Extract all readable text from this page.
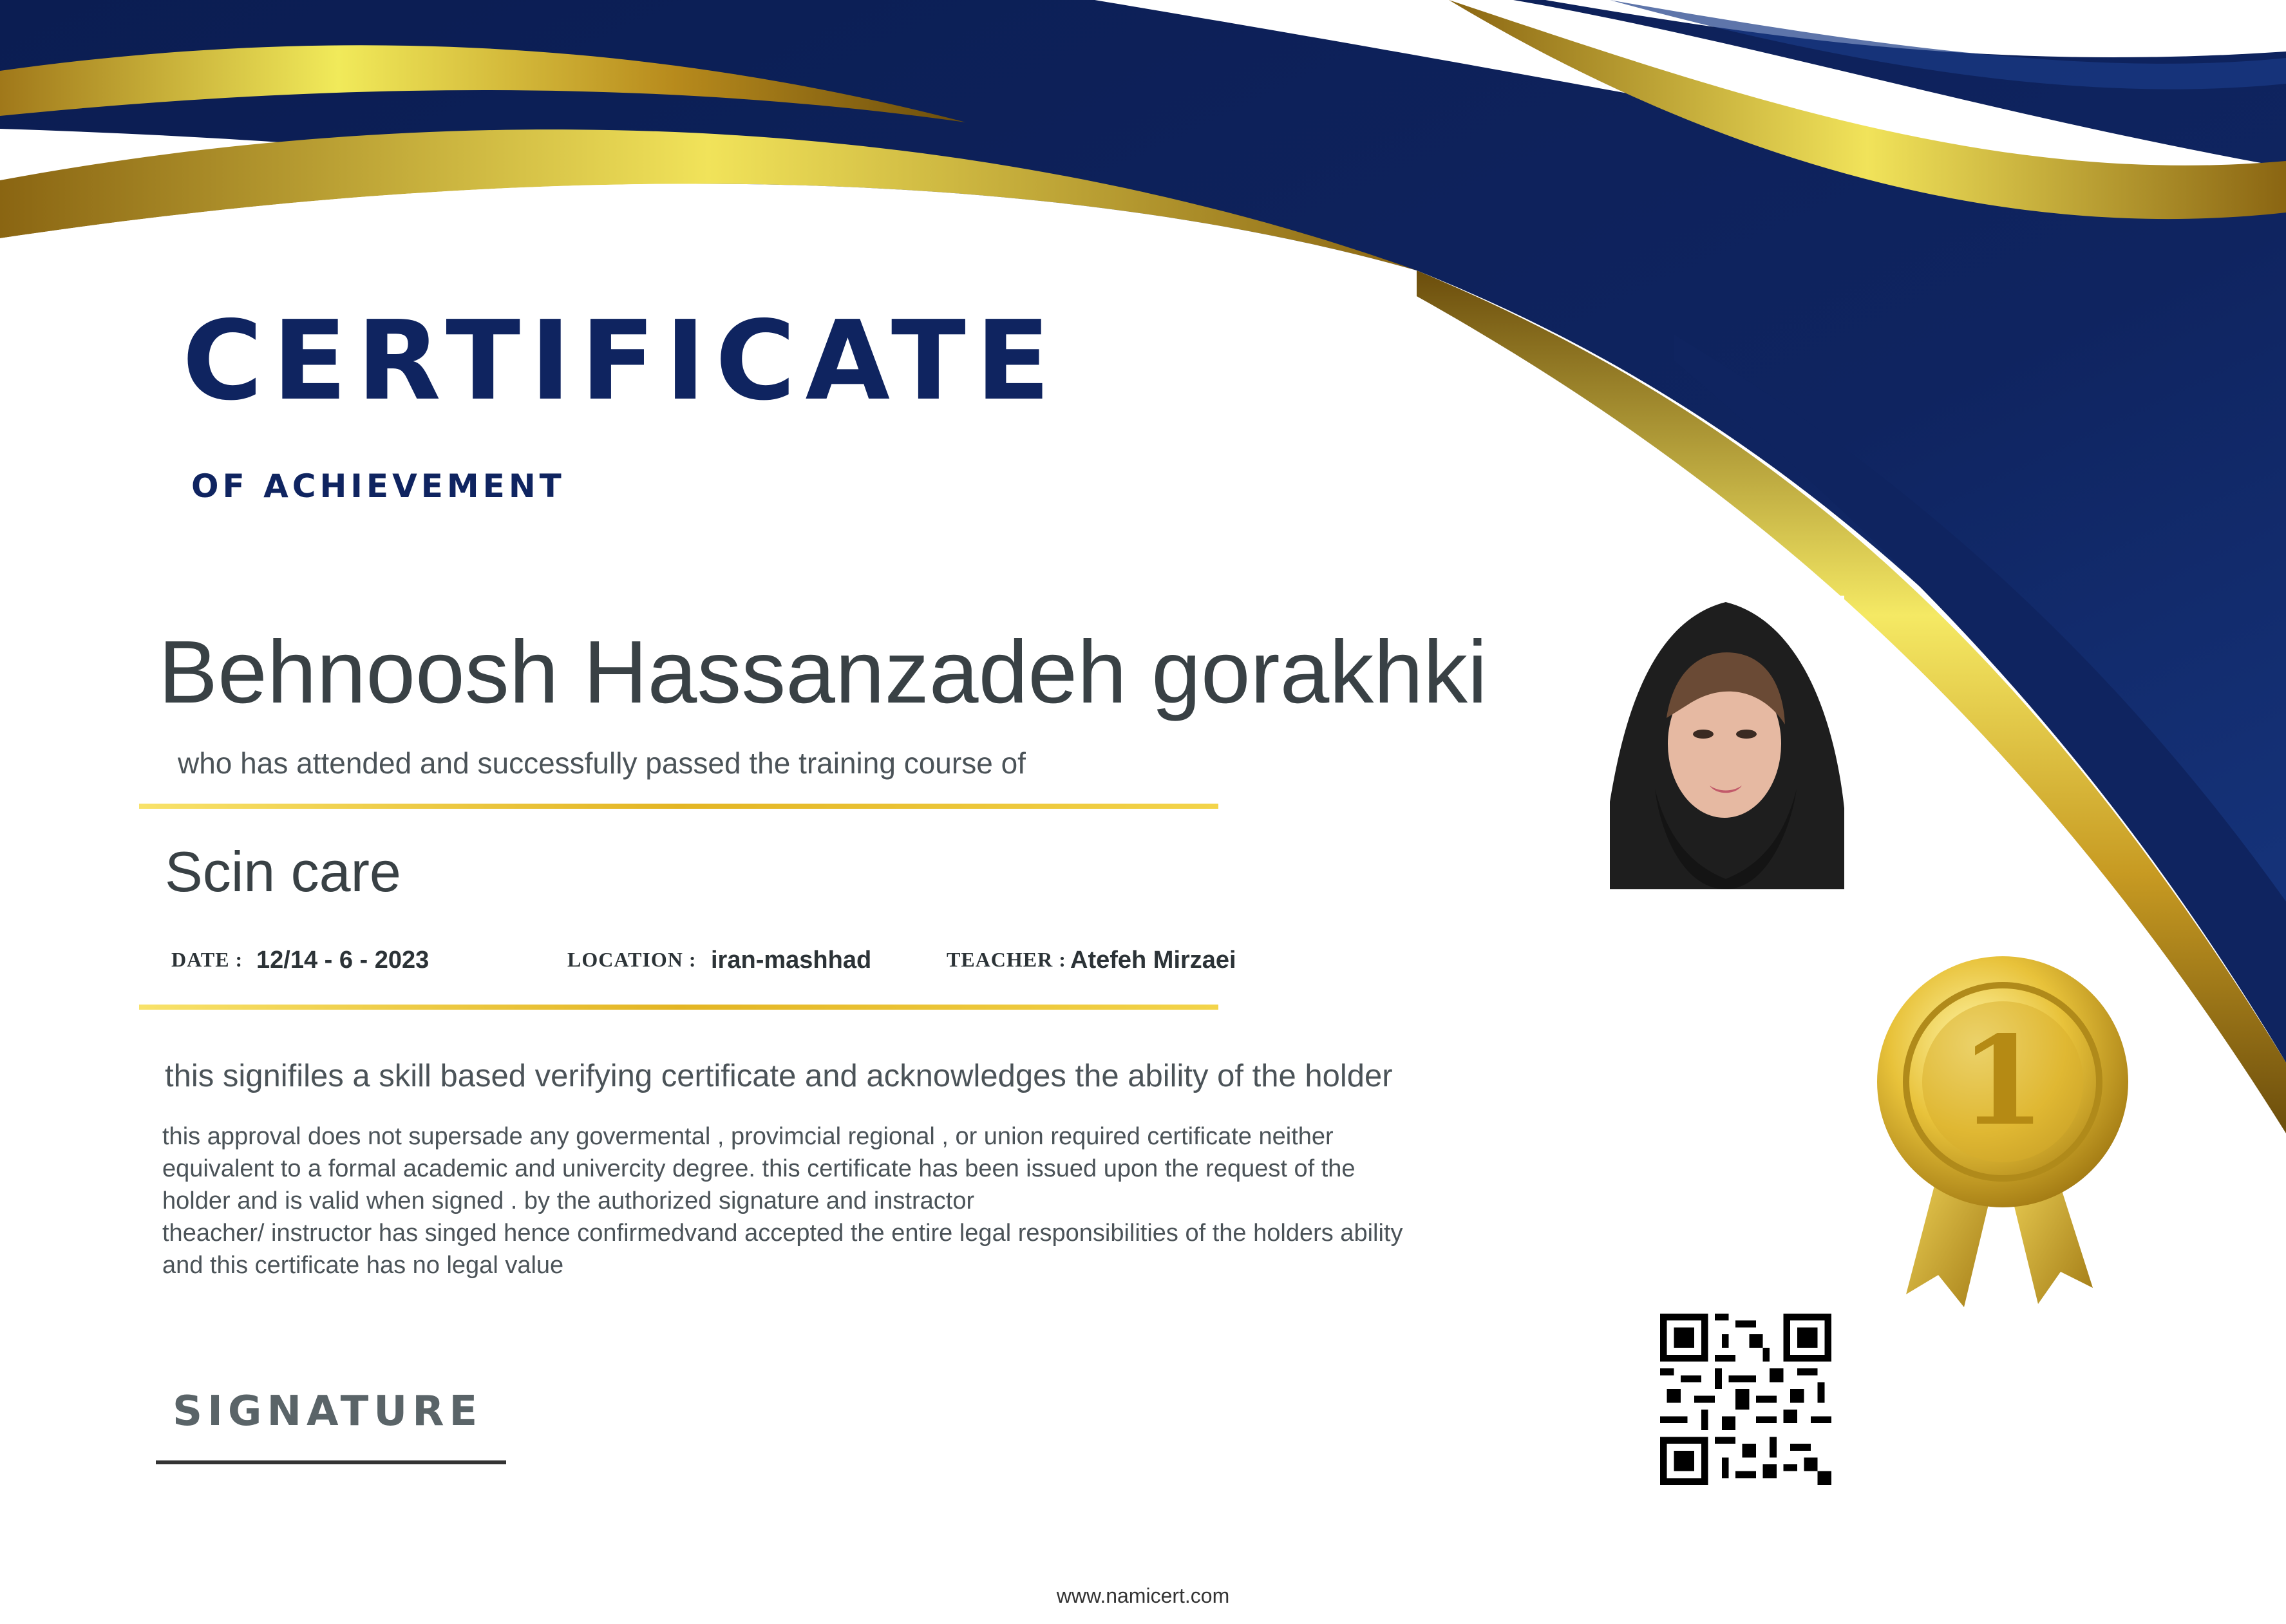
CERTIFICATE
OF ACHIEVEMENT
Behnoosh Hassanzadeh gorakhki
who has attended and successfully passed the training course of
Scin care
DATE : 12/14 - 6 - 2023	LOCATION : iran-mashhad	TEACHER : Atefeh Mirzaei
this signifiles a skill based verifying certificate and acknowledges the ability of the holder
this approval does not supersade any govermental , provimcial regional , or union required certificate neither
equivalent to a formal academic and univercity degree. this certificate has been issued upon the request of the
holder and is valid when signed . by the authorized signature and instractor
theacher/ instructor has singed hence confirmedvand accepted the entire legal responsibilities of the holders ability
and this certificate has no legal value
SIGNATURE
www.namicert.com
1
